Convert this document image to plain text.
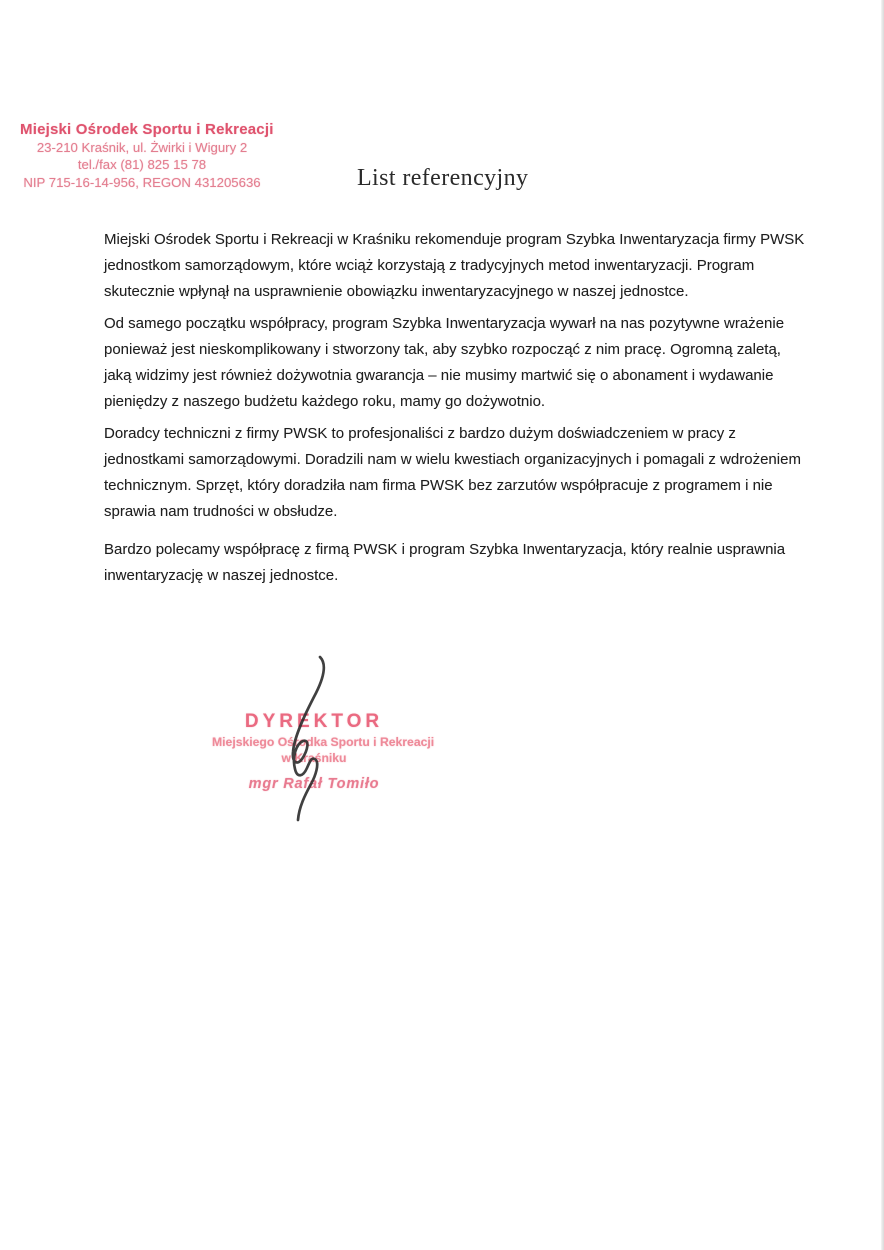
Miejski Ośrodek Sportu i Rekreacji
23-210 Kraśnik, ul. Żwirki i Wigury 2
tel./fax (81) 825 15 78
NIP 715-16-14-956, REGON 431205636	List referencyjny

Miejski Ośrodek Sportu i Rekreacji w Kraśniku rekomenduje program Szybka Inwentaryzacja firmy PWSK jednostkom samorządowym, które wciąż korzystają z tradycyjnych metod inwentaryzacji. Program skutecznie wpłynął na usprawnienie obowiązku inwentaryzacyjnego w naszej jednostce.

Od samego początku współpracy, program Szybka Inwentaryzacja wywarł na nas pozytywne wrażenie ponieważ jest nieskomplikowany i stworzony tak, aby szybko rozpocząć z nim pracę. Ogromną zaletą, jaką widzimy jest również dożywotnia gwarancja – nie musimy martwić się o abonament i wydawanie pieniędzy z naszego budżetu każdego roku, mamy go dożywotnio.

Doradcy techniczni z firmy PWSK to profesjonaliści z bardzo dużym doświadczeniem w pracy z jednostkami samorządowymi. Doradzili nam w wielu kwestiach organizacyjnych i pomagali z wdrożeniem technicznym. Sprzęt, który doradziła nam firma PWSK bez zarzutów współpracuje z programem i nie sprawia nam trudności w obsłudze.

Bardzo polecamy współpracę z firmą PWSK i program Szybka Inwentaryzacja, który realnie usprawnia inwentaryzację w naszej jednostce.

DYREKTOR
Miejskiego Ośrodka Sportu i Rekreacji
w Kraśniku
mgr Rafał Tomiło
